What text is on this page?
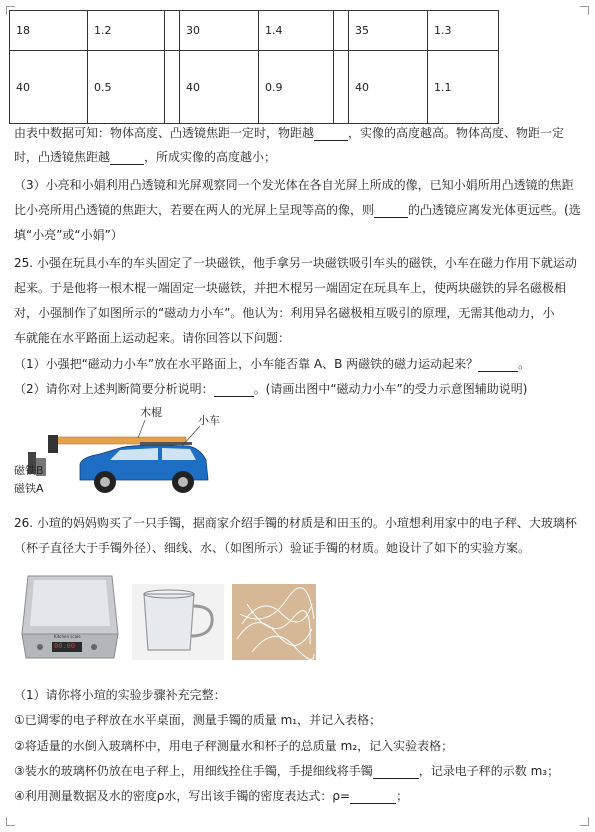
18	1.2		30	1.4		35	1.3
40	0.5		40	0.9		40	1.1
由表中数据可知：物体高度、凸透镜焦距一定时，物距越	，实像的高度越高。物体高度、物距一定
时，凸透镜焦距越	，所成实像的高度越小；
（3）小亮和小娟利用凸透镜和光屏观察同一个发光体在各自光屏上所成的像，已知小娟所用凸透镜的焦距
比小亮所用凸透镜的焦距大，若要在两人的光屏上呈现等高的像，则	的凸透镜应离发光体更远些。(选
填“小亮”或“小娟”）
25. 小强在玩具小车的车头固定了一块磁铁，他手拿另一块磁铁吸引车头的磁铁，小车在磁力作用下就运动
起来。于是他将一根木棍一端固定一块磁铁，并把木棍另一端固定在玩具车上，使两块磁铁的异名磁极相
对，小强制作了如图所示的“磁动力小车”。他认为：利用异名磁极相互吸引的原理，无需其他动力，小
车就能在水平路面上运动起来。请你回答以下问题：
（1）小强把“磁动力小车”放在水平路面上，小车能否靠 A、B 两磁铁的磁力运动起来？	。
（2）请你对上述判断简要分析说明：	。(请画出图中“磁动力小车”的受力示意图辅助说明)
木棍
小车
磁铁B
磁铁A
26. 小瑄的妈妈购买了一只手镯，据商家介绍手镯的材质是和田玉的。小瑄想利用家中的电子秤、大玻璃杯
（杯子直径大于手镯外径）、细线、水、（如图所示）验证手镯的材质。她设计了如下的实验方案。
00.00
Kitchen scale
（1）请你将小瑄的实验步骤补充完整：
①已调零的电子秤放在水平桌面，测量手镯的质量 m₁，并记入表格；
②将适量的水倒入玻璃杯中，用电子秤测量水和杯子的总质量 m₂，记入实验表格；
③装水的玻璃杯仍放在电子秤上，用细线拴住手镯，手提细线将手镯	，记录电子秤的示数 m₃；
④利用测量数据及水的密度ρ水，写出该手镯的密度表达式：ρ=	；
